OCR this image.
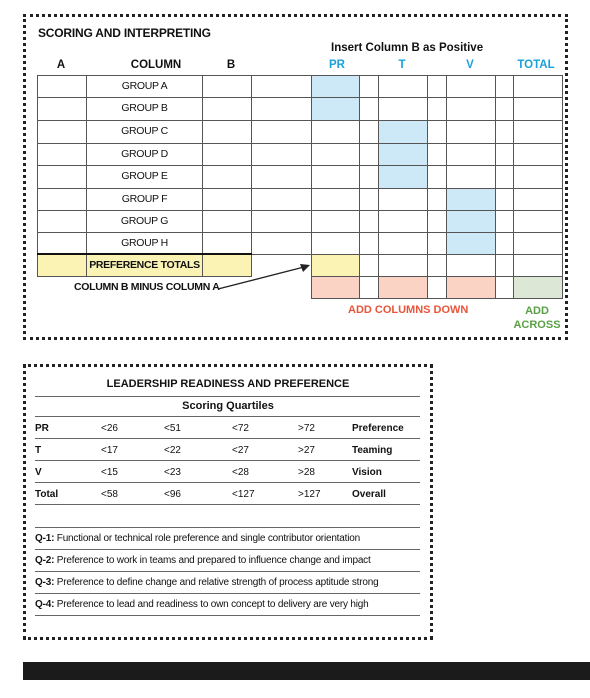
SCORING AND INTERPRETING
Insert Column B as Positive
A	COLUMN	B	PR	T	V	TOTAL
GROUP A
GROUP B
GROUP C
GROUP D
GROUP E
GROUP F
GROUP G
GROUP H
PREFERENCE TOTALS
COLUMN B MINUS COLUMN A
ADD COLUMNS DOWN	ADD
ACROSS
LEADERSHIP READINESS AND PREFERENCE
Scoring Quartiles
PR	<26	<51	<72	>72	Preference
T	<17	<22	<27	>27	Teaming
V	<15	<23	<28	>28	Vision
Total	<58	<96	<127	>127	Overall
Q-1: Functional or technical role preference and single contributor orientation
Q-2: Preference to work in teams and prepared to influence change and impact
Q-3: Preference to define change and relative strength of process aptitude strong
Q-4: Preference to lead and readiness to own concept to delivery are very high
